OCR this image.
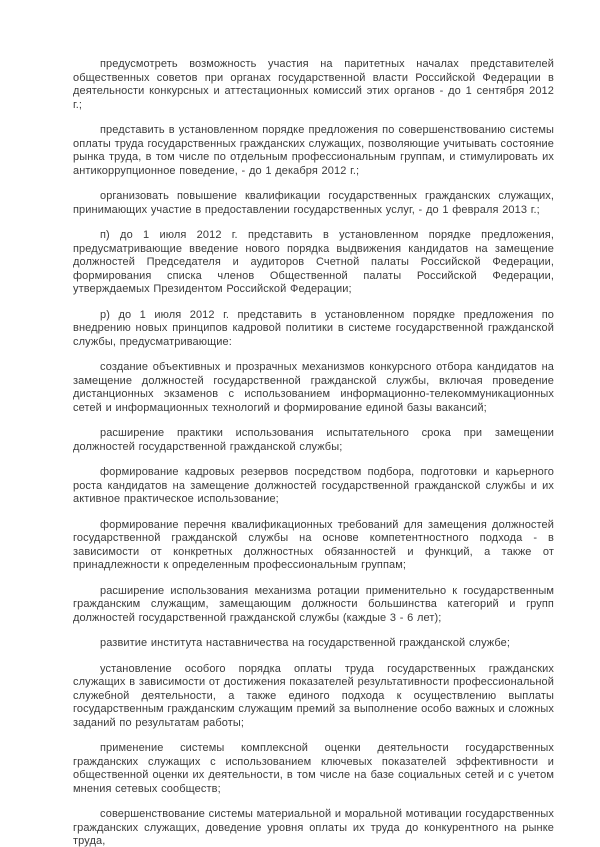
предусмотреть возможность участия на паритетных началах представителей общественных советов при органах государственной власти Российской Федерации в деятельности конкурсных и аттестационных комиссий этих органов - до 1 сентября 2012 г.;

представить в установленном порядке предложения по совершенствованию системы оплаты труда государственных гражданских служащих, позволяющие учитывать состояние рынка труда, в том числе по отдельным профессиональным группам, и стимулировать их антикоррупционное поведение, - до 1 декабря 2012 г.;

организовать повышение квалификации государственных гражданских служащих, принимающих участие в предоставлении государственных услуг, - до 1 февраля 2013 г.;

п) до 1 июля 2012 г. представить в установленном порядке предложения, предусматривающие введение нового порядка выдвижения кандидатов на замещение должностей Председателя и аудиторов Счетной палаты Российской Федерации, формирования списка членов Общественной палаты Российской Федерации, утверждаемых Президентом Российской Федерации;

р) до 1 июля 2012 г. представить в установленном порядке предложения по внедрению новых принципов кадровой политики в системе государственной гражданской службы, предусматривающие:

создание объективных и прозрачных механизмов конкурсного отбора кандидатов на замещение должностей государственной гражданской службы, включая проведение дистанционных экзаменов с использованием информационно-телекоммуникационных сетей и информационных технологий и формирование единой базы вакансий;

расширение практики использования испытательного срока при замещении должностей государственной гражданской службы;

формирование кадровых резервов посредством подбора, подготовки и карьерного роста кандидатов на замещение должностей государственной гражданской службы и их активное практическое использование;

формирование перечня квалификационных требований для замещения должностей государственной гражданской службы на основе компетентностного подхода - в зависимости от конкретных должностных обязанностей и функций, а также от принадлежности к определенным профессиональным группам;

расширение использования механизма ротации применительно к государственным гражданским служащим, замещающим должности большинства категорий и групп должностей государственной гражданской службы (каждые 3 - 6 лет);

развитие института наставничества на государственной гражданской службе;

установление особого порядка оплаты труда государственных гражданских служащих в зависимости от достижения показателей результативности профессиональной служебной деятельности, а также единого подхода к осуществлению выплаты государственным гражданским служащим премий за выполнение особо важных и сложных заданий по результатам работы;

применение системы комплексной оценки деятельности государственных гражданских служащих с использованием ключевых показателей эффективности и общественной оценки их деятельности, в том числе на базе социальных сетей и с учетом мнения сетевых сообществ;

совершенствование системы материальной и моральной мотивации государственных гражданских служащих, доведение уровня оплаты их труда до конкурентного на рынке труда,
